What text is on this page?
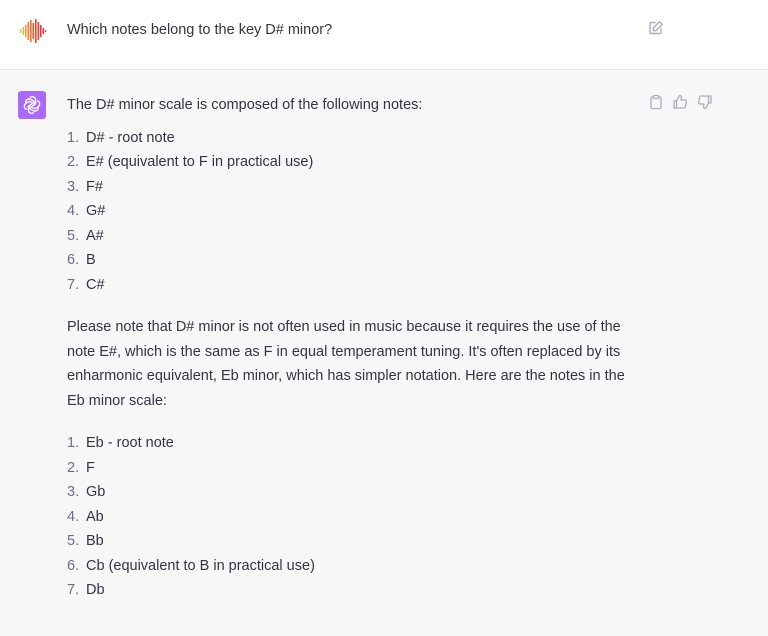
Which notes belong to the key D# minor?

The D# minor scale is composed of the following notes:

1. D# - root note
2. E# (equivalent to F in practical use)
3. F#
4. G#
5. A#
6. B
7. C#

Please note that D# minor is not often used in music because it requires the use of the note E#, which is the same as F in equal temperament tuning. It's often replaced by its enharmonic equivalent, Eb minor, which has simpler notation. Here are the notes in the Eb minor scale:

1. Eb - root note
2. F
3. Gb
4. Ab
5. Bb
6. Cb (equivalent to B in practical use)
7. Db
